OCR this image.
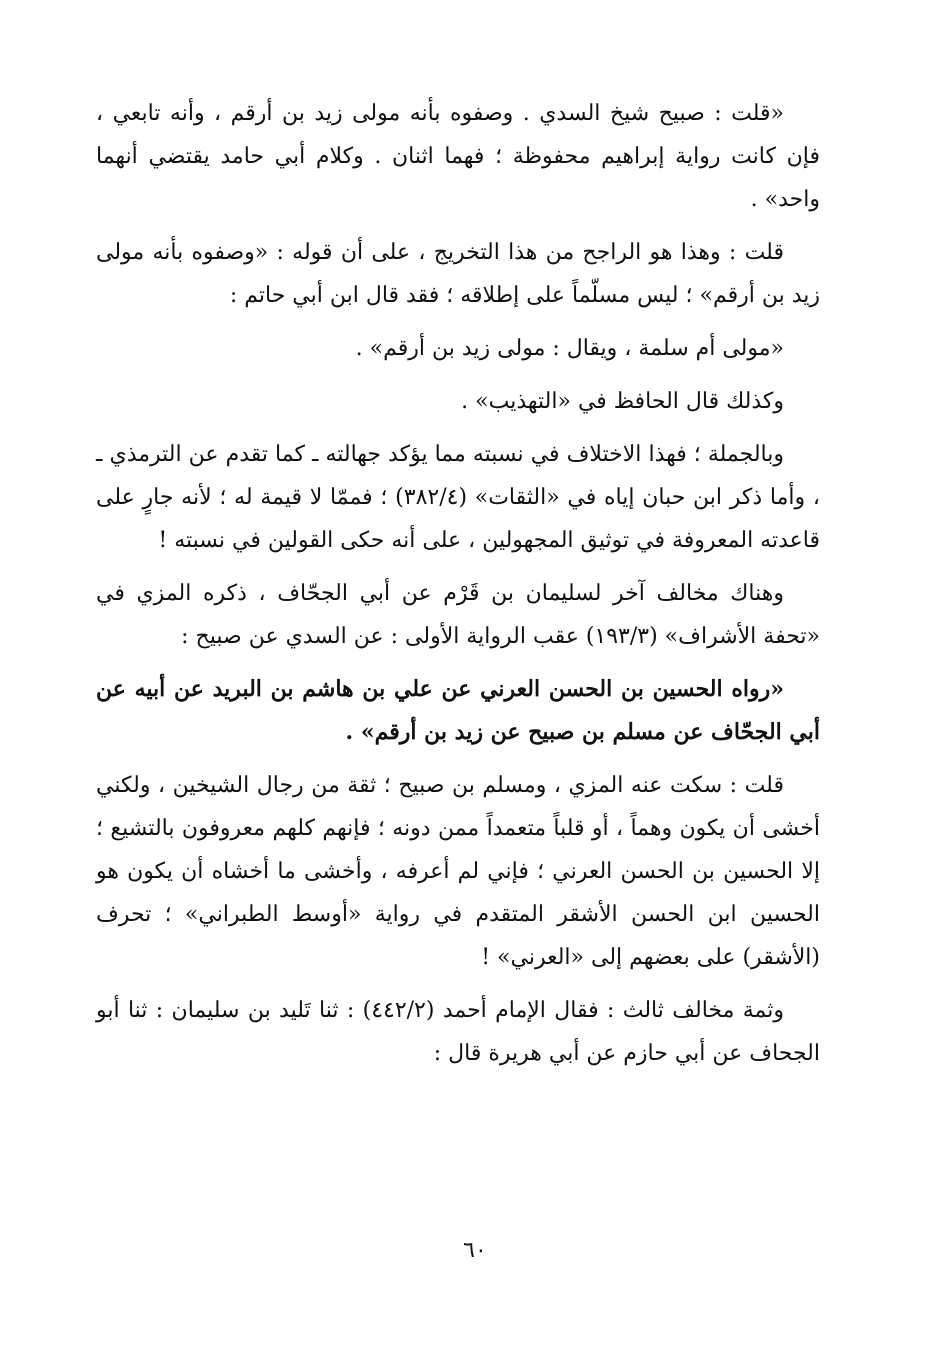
«قلت : صبيح شيخ السدي . وصفوه بأنه مولى زيد بن أرقم ، وأنه تابعي ، فإن كانت رواية إبراهيم محفوظة ؛ فهما اثنان . وكلام أبي حامد يقتضي أنهما واحد» .

قلت : وهذا هو الراجح من هذا التخريج ، على أن قوله : «وصفوه بأنه مولى زيد بن أرقم» ؛ ليس مسلّماً على إطلاقه ؛ فقد قال ابن أبي حاتم :

«مولى أم سلمة ، ويقال : مولى زيد بن أرقم» .

وكذلك قال الحافظ في «التهذيب» .

وبالجملة ؛ فهذا الاختلاف في نسبته مما يؤكد جهالته ـ كما تقدم عن الترمذي ـ ، وأما ذكر ابن حبان إياه في «الثقات» (٣٨٢/٤) ؛ فممّا لا قيمة له ؛ لأنه جارٍ على قاعدته المعروفة في توثيق المجهولين ، على أنه حكى القولين في نسبته !

وهناك مخالف آخر لسليمان بن قَرْم عن أبي الجحّاف ، ذكره المزي في «تحفة الأشراف» (١٩٣/٣) عقب الرواية الأولى : عن السدي عن صبيح :

«رواه الحسين بن الحسن العرني عن علي بن هاشم بن البريد عن أبيه عن أبي الجحّاف عن مسلم بن صبيح عن زيد بن أرقم» .

قلت : سكت عنه المزي ، ومسلم بن صبيح ؛ ثقة من رجال الشيخين ، ولكني أخشى أن يكون وهماً ، أو قلباً متعمداً ممن دونه ؛ فإنهم كلهم معروفون بالتشيع ؛ إلا الحسين بن الحسن العرني ؛ فإني لم أعرفه ، وأخشى ما أخشاه أن يكون هو الحسين ابن الحسن الأشقر المتقدم في رواية «أوسط الطبراني» ؛ تحرف (الأشقر) على بعضهم إلى «العرني» !

وثمة مخالف ثالث : فقال الإمام أحمد (٤٤٢/٢) : ثنا تَليد بن سليمان : ثنا أبو الجحاف عن أبي حازم عن أبي هريرة قال :

٦٠
